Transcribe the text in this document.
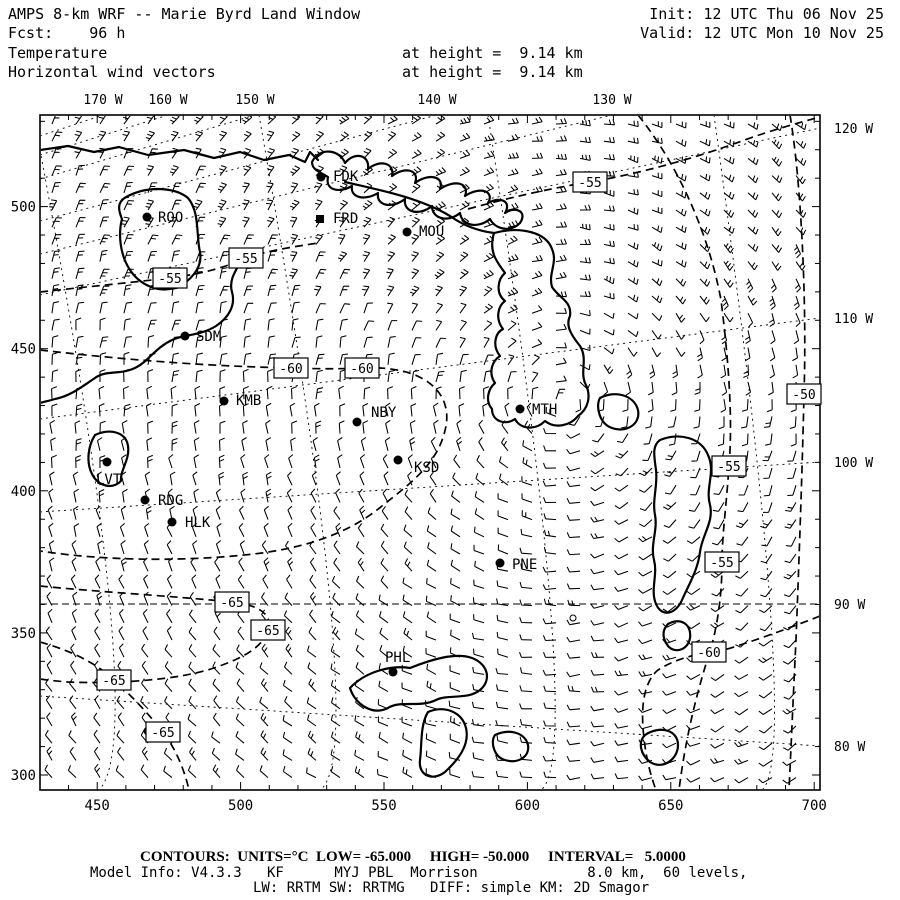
AMPS 8-km WRF -- Marie Byrd Land Window	Init: 12 UTC Thu 06 Nov 25
Fcst:    96 h	Valid: 12 UTC Mon 10 Nov 25
Temperature	at height =  9.14 km
Horizontal wind vectors	at height =  9.14 km
450	500	550	600	650	700
300
350
400
450
500
170 W 160 W	150 W	140 W	130 W
120 W
110 W
100 W
90 W
80 W
FDK
ROO	FRD
MOU
SDM
KMB
NBY	MTH
KSD
LVT
RDG
HLK
PNE
PHL
-55
-55
-55
-60	-60
-50
-55
-55
-60
-65
-65
-65
-65
CONTOURS:  UNITS=°C  LOW= -65.000     HIGH= -50.000     INTERVAL=   5.0000
Model Info: V4.3.3   KF      MYJ PBL  Morrison             8.0 km,  60 levels,
LW: RRTM SW: RRTMG   DIFF: simple KM: 2D Smagor
